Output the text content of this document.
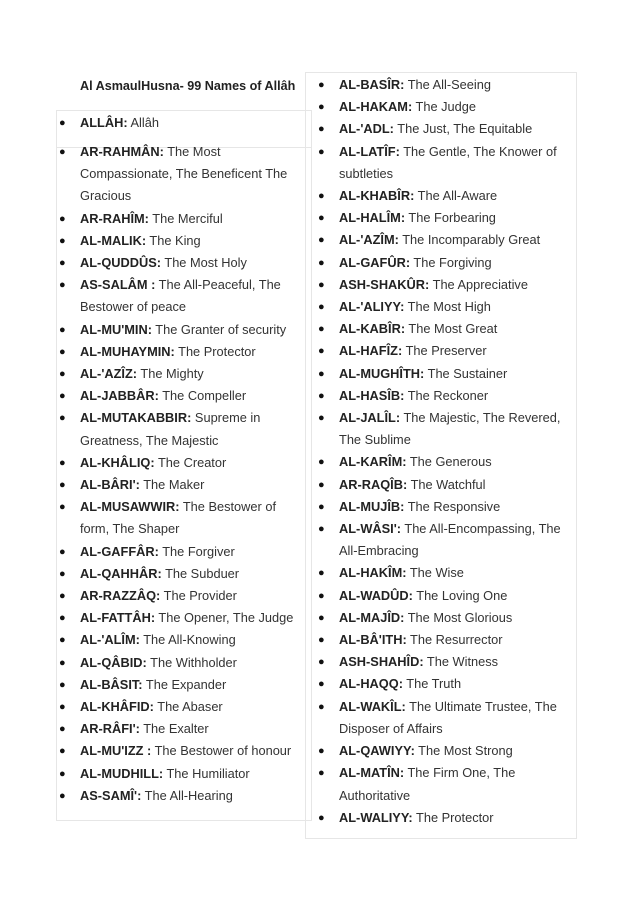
Al AsmaulHusna- 99 Names of Allâh
● ALLÂH: Allâh
● AR-RAHMÂN: The Most Compassionate, The Beneficent The Gracious
● AR-RAHÎM: The Merciful
● AL-MALIK: The King
● AL-QUDDÛS: The Most Holy
● AS-SALÂM : The All-Peaceful, The Bestower of peace
● AL-MU'MIN: The Granter of security
● AL-MUHAYMIN: The Protector
● AL-'AZÎZ: The Mighty
● AL-JABBÂR: The Compeller
● AL-MUTAKABBIR: Supreme in Greatness, The Majestic
● AL-KHÂLIQ: The Creator
● AL-BÂRI': The Maker
● AL-MUSAWWIR: The Bestower of form, The Shaper
● AL-GAFFÂR: The Forgiver
● AL-QAHHÂR: The Subduer
● AR-RAZZÂQ: The Provider
● AL-FATTÂH: The Opener, The Judge
● AL-'ALÎM: The All-Knowing
● AL-QÂBID: The Withholder
● AL-BÂSIT: The Expander
● AL-KHÂFID: The Abaser
● AR-RÂFI': The Exalter
● AL-MU'IZZ : The Bestower of honour
● AL-MUDHILL: The Humiliator
● AS-SAMÎ': The All-Hearing
● AL-BASÎR: The All-Seeing
● AL-HAKAM: The Judge
● AL-'ADL: The Just, The Equitable
● AL-LATÎF: The Gentle, The Knower of subtleties
● AL-KHABÎR: The All-Aware
● AL-HALÎM: The Forbearing
● AL-'AZÎM: The Incomparably Great
● AL-GAFÛR: The Forgiving
● ASH-SHAKÛR: The Appreciative
● AL-'ALIYY: The Most High
● AL-KABÎR: The Most Great
● AL-HAFÎZ: The Preserver
● AL-MUGHÎTH: The Sustainer
● AL-HASÎB: The Reckoner
● AL-JALÎL: The Majestic, The Revered, The Sublime
● AL-KARÎM: The Generous
● AR-RAQÎB: The Watchful
● AL-MUJÎB: The Responsive
● AL-WÂSI': The All-Encompassing, The All-Embracing
● AL-HAKÎM: The Wise
● AL-WADÛD: The Loving One
● AL-MAJÎD: The Most Glorious
● AL-BÂ'ITH: The Resurrector
● ASH-SHAHÎD: The Witness
● AL-HAQQ: The Truth
● AL-WAKÎL: The Ultimate Trustee, The Disposer of Affairs
● AL-QAWIYY: The Most Strong
● AL-MATÎN: The Firm One, The Authoritative
● AL-WALIYY: The Protector
